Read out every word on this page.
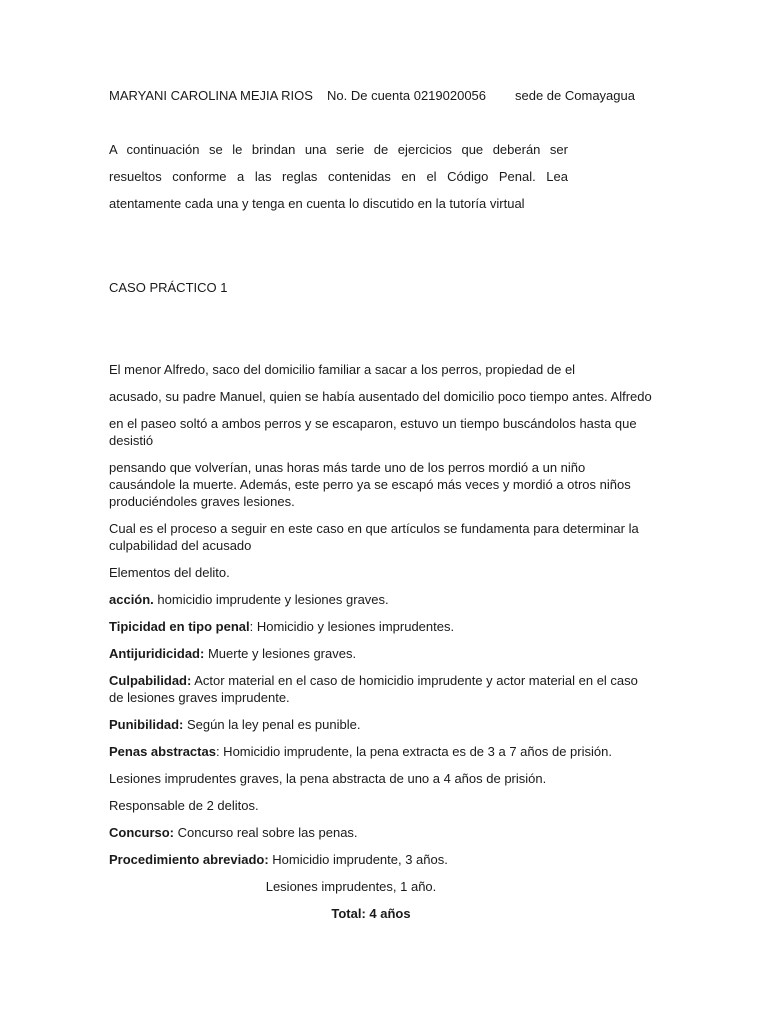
MARYANI CAROLINA MEJIA RIOS No. De cuenta 0219020056 sede de Comayagua

A continuación se le brindan una serie de ejercicios que deberán ser

resueltos conforme a las reglas contenidas en el Código Penal. Lea

atentamente cada una y tenga en cuenta lo discutido en la tutoría virtual

CASO PRÁCTICO 1

El menor Alfredo, saco del domicilio familiar a sacar a los perros, propiedad de el

acusado, su padre Manuel, quien se había ausentado del domicilio poco tiempo antes. Alfredo

en el paseo soltó a ambos perros y se escaparon, estuvo un tiempo buscándolos hasta que desistió

pensando que volverían, unas horas más tarde uno de los perros mordió a un niño causándole la muerte. Además, este perro ya se escapó más veces y mordió a otros niños produciéndoles graves lesiones.

Cual es el proceso a seguir en este caso en que artículos se fundamenta para determinar la culpabilidad del acusado

Elementos del delito.

acción. homicidio imprudente y lesiones graves.

Tipicidad en tipo penal: Homicidio y lesiones imprudentes.

Antijuridicidad: Muerte y lesiones graves.

Culpabilidad: Actor material en el caso de homicidio imprudente y actor material en el caso de lesiones graves imprudente.

Punibilidad: Según la ley penal es punible.

Penas abstractas: Homicidio imprudente, la pena extracta es de 3 a 7 años de prisión.

Lesiones imprudentes graves, la pena abstracta de uno a 4 años de prisión.

Responsable de 2 delitos.

Concurso: Concurso real sobre las penas.

Procedimiento abreviado: Homicidio imprudente, 3 años.

Lesiones imprudentes, 1 año.

Total: 4 años
